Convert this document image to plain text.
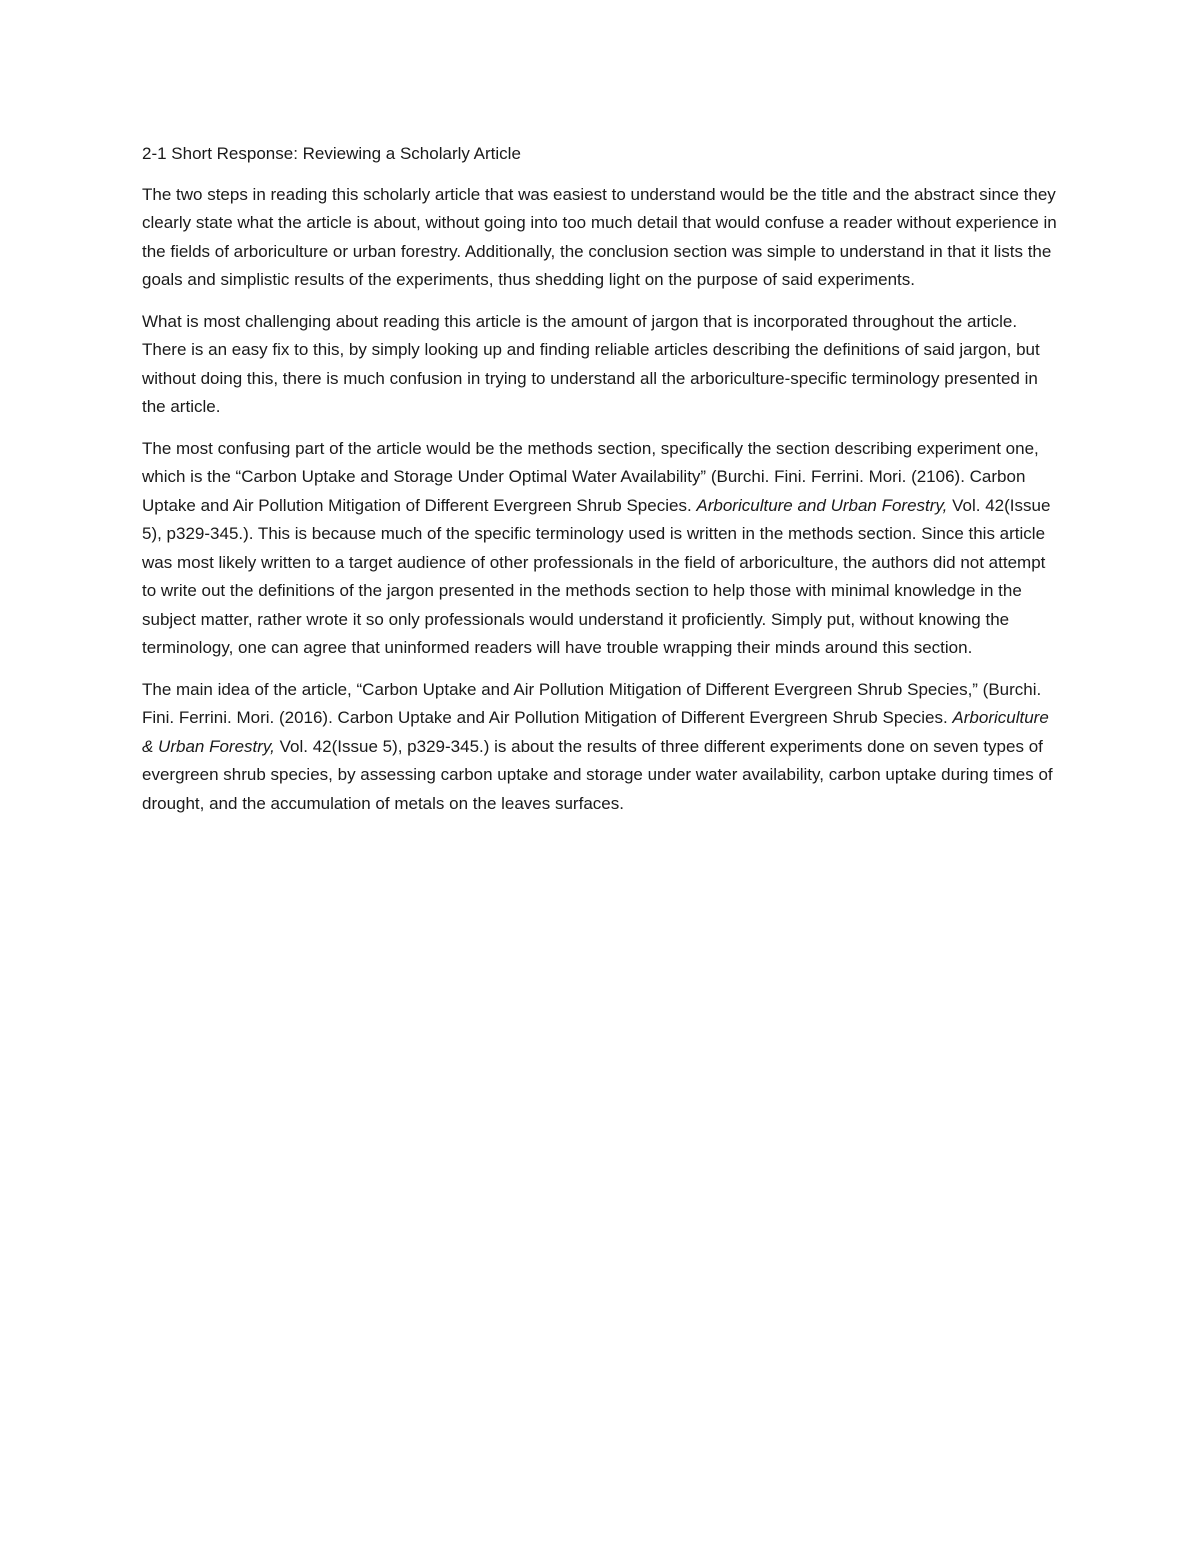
2-1 Short Response: Reviewing a Scholarly Article

The two steps in reading this scholarly article that was easiest to understand would be the title and the abstract since they clearly state what the article is about, without going into too much detail that would confuse a reader without experience in the fields of arboriculture or urban forestry. Additionally, the conclusion section was simple to understand in that it lists the goals and simplistic results of the experiments, thus shedding light on the purpose of said experiments.

What is most challenging about reading this article is the amount of jargon that is incorporated throughout the article. There is an easy fix to this, by simply looking up and finding reliable articles describing the definitions of said jargon, but without doing this, there is much confusion in trying to understand all the arboriculture-specific terminology presented in the article.

The most confusing part of the article would be the methods section, specifically the section describing experiment one, which is the “Carbon Uptake and Storage Under Optimal Water Availability” (Burchi. Fini. Ferrini. Mori. (2106). Carbon Uptake and Air Pollution Mitigation of Different Evergreen Shrub Species. Arboriculture and Urban Forestry, Vol. 42(Issue 5), p329-345.). This is because much of the specific terminology used is written in the methods section. Since this article was most likely written to a target audience of other professionals in the field of arboriculture, the authors did not attempt to write out the definitions of the jargon presented in the methods section to help those with minimal knowledge in the subject matter, rather wrote it so only professionals would understand it proficiently. Simply put, without knowing the terminology, one can agree that uninformed readers will have trouble wrapping their minds around this section.

The main idea of the article, “Carbon Uptake and Air Pollution Mitigation of Different Evergreen Shrub Species,” (Burchi. Fini. Ferrini. Mori. (2016). Carbon Uptake and Air Pollution Mitigation of Different Evergreen Shrub Species. Arboriculture & Urban Forestry, Vol. 42(Issue 5), p329-345.) is about the results of three different experiments done on seven types of evergreen shrub species, by assessing carbon uptake and storage under water availability, carbon uptake during times of drought, and the accumulation of metals on the leaves surfaces.
